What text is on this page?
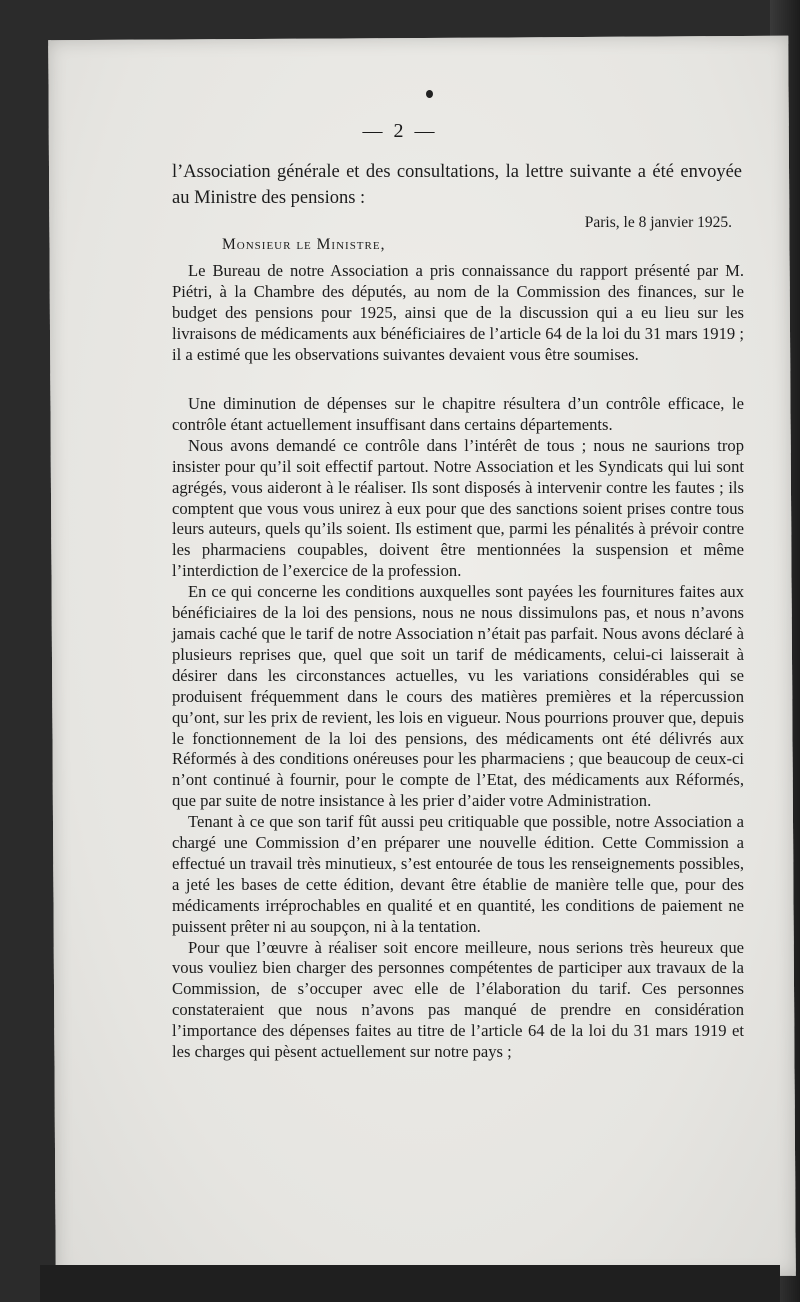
— 2 —

l’Association générale et des consultations, la lettre suivante a été envoyée au Ministre des pensions :

Paris, le 8 janvier 1925.
Monsieur le Ministre,

Le Bureau de notre Association a pris connaissance du rapport présenté par M. Piétri, à la Chambre des députés, au nom de la Commission des finances, sur le budget des pensions pour 1925, ainsi que de la discussion qui a eu lieu sur les livraisons de médicaments aux bénéficiaires de l’article 64 de la loi du 31 mars 1919 ; il a estimé que les observations suivantes devaient vous être soumises.

Une diminution de dépenses sur le chapitre résultera d’un contrôle efficace, le contrôle étant actuellement insuffisant dans certains départements.

Nous avons demandé ce contrôle dans l’intérêt de tous ; nous ne saurions trop insister pour qu’il soit effectif partout. Notre Association et les Syndicats qui lui sont agrégés, vous aideront à le réaliser. Ils sont disposés à intervenir contre les fautes ; ils comptent que vous vous unirez à eux pour que des sanctions soient prises contre tous leurs auteurs, quels qu’ils soient. Ils estiment que, parmi les pénalités à prévoir contre les pharmaciens coupables, doivent être mentionnées la suspension et même l’interdiction de l’exercice de la profession.

En ce qui concerne les conditions auxquelles sont payées les fournitures faites aux bénéficiaires de la loi des pensions, nous ne nous dissimulons pas, et nous n’avons jamais caché que le tarif de notre Association n’était pas parfait. Nous avons déclaré à plusieurs reprises que, quel que soit un tarif de médicaments, celui-ci laisserait à désirer dans les circonstances actuelles, vu les variations considérables qui se produisent fréquemment dans le cours des matières premières et la répercussion qu’ont, sur les prix de revient, les lois en vigueur. Nous pourrions prouver que, depuis le fonctionnement de la loi des pensions, des médicaments ont été délivrés aux Réformés à des conditions onéreuses pour les pharmaciens ; que beaucoup de ceux-ci n’ont continué à fournir, pour le compte de l’Etat, des médicaments aux Réformés, que par suite de notre insistance à les prier d’aider votre Administration.

Tenant à ce que son tarif fût aussi peu critiquable que possible, notre Association a chargé une Commission d’en préparer une nouvelle édition. Cette Commission a effectué un travail très minutieux, s’est entourée de tous les renseignements possibles, a jeté les bases de cette édition, devant être établie de manière telle que, pour des médicaments irréprochables en qualité et en quantité, les conditions de paiement ne puissent prêter ni au soupçon, ni à la tentation.

Pour que l’œuvre à réaliser soit encore meilleure, nous serions très heureux que vous vouliez bien charger des personnes compétentes de participer aux travaux de la Commission, de s’occuper avec elle de l’élaboration du tarif. Ces personnes constateraient que nous n’avons pas manqué de prendre en considération l’importance des dépenses faites au titre de l’article 64 de la loi du 31 mars 1919 et les charges qui pèsent actuellement sur notre pays ;
